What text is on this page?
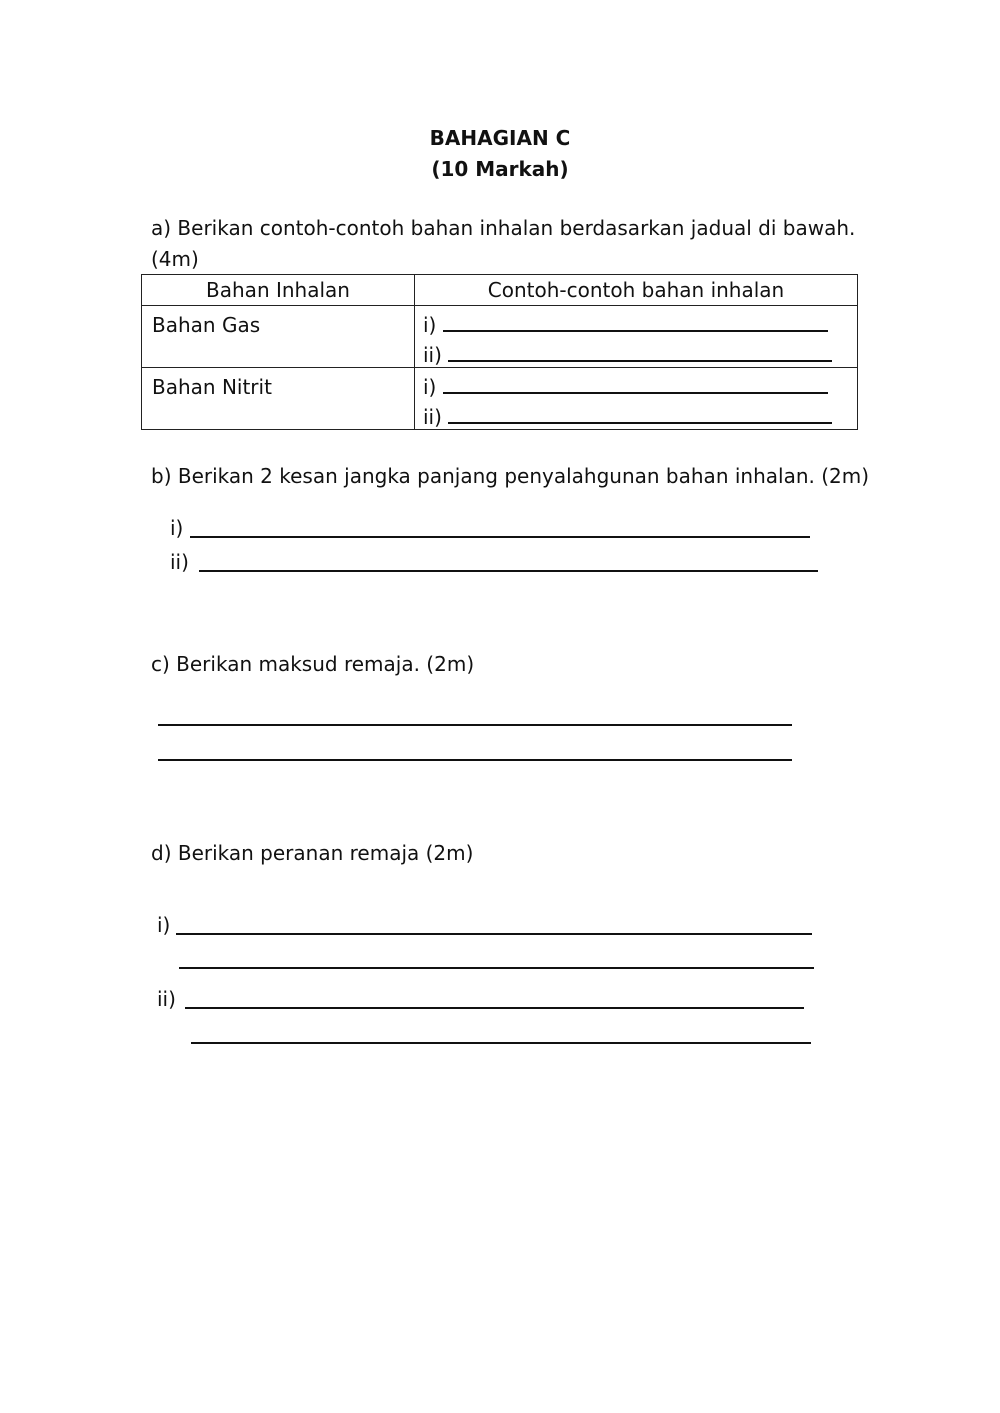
BAHAGIAN C
(10 Markah)
a) Berikan contoh-contoh bahan inhalan berdasarkan jadual di bawah.
(4m)
Bahan Inhalan	Contoh-contoh bahan inhalan

Bahan Gas	i)
ii)

Bahan Nitrit	i)
ii)
b) Berikan 2 kesan jangka panjang penyalahgunan bahan inhalan. (2m)
i)
ii)
c) Berikan maksud remaja. (2m)
d) Berikan peranan remaja (2m)
i)
ii)
